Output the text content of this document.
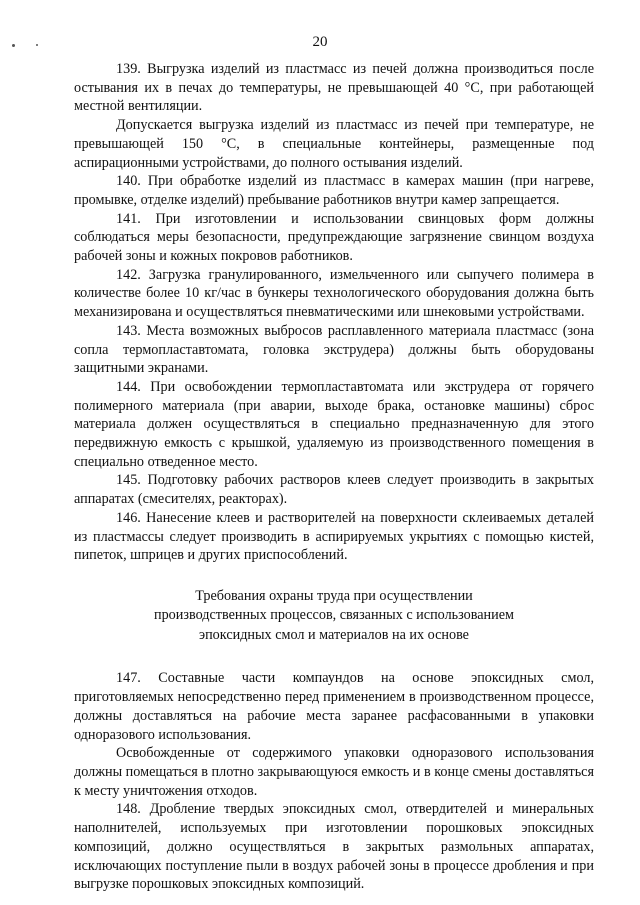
20

139. Выгрузка изделий из пластмасс из печей должна производиться после остывания их в печах до температуры, не превышающей 40 °С, при работающей местной вентиляции.

Допускается выгрузка изделий из пластмасс из печей при температуре, не превышающей 150 °С, в специальные контейнеры, размещенные под аспирационными устройствами, до полного остывания изделий.

140. При обработке изделий из пластмасс в камерах машин (при нагреве, промывке, отделке изделий) пребывание работников внутри камер запрещается.

141. При изготовлении и использовании свинцовых форм должны соблюдаться меры безопасности, предупреждающие загрязнение свинцом воздуха рабочей зоны и кожных покровов работников.

142. Загрузка гранулированного, измельченного или сыпучего полимера в количестве более 10 кг/час в бункеры технологического оборудования должна быть механизирована и осуществляться пневматическими или шнековыми устройствами.

143. Места возможных выбросов расплавленного материала пластмасс (зона сопла термопластавтомата, головка экструдера) должны быть оборудованы защитными экранами.

144. При освобождении термопластавтомата или экструдера от горячего полимерного материала (при аварии, выходе брака, остановке машины) сброс материала должен осуществляться в специально предназначенную для этого передвижную емкость с крышкой, удаляемую из производственного помещения в специально отведенное место.

145. Подготовку рабочих растворов клеев следует производить в закрытых аппаратах (смесителях, реакторах).

146. Нанесение клеев и растворителей на поверхности склеиваемых деталей из пластмассы следует производить в аспирируемых укрытиях с помощью кистей, пипеток, шприцев и других приспособлений.

Требования охраны труда при осуществлении
производственных процессов, связанных с использованием
эпоксидных смол и материалов на их основе

147. Составные части компаундов на основе эпоксидных смол, приготовляемых непосредственно перед применением в производственном процессе, должны доставляться на рабочие места заранее расфасованными в упаковки одноразового использования.

Освобожденные от содержимого упаковки одноразового использования должны помещаться в плотно закрывающуюся емкость и в конце смены доставляться к месту уничтожения отходов.

148. Дробление твердых эпоксидных смол, отвердителей и минеральных наполнителей, используемых при изготовлении порошковых эпоксидных композиций, должно осуществляться в закрытых размольных аппаратах, исключающих поступление пыли в воздух рабочей зоны в процессе дробления и при выгрузке порошковых эпоксидных композиций.
